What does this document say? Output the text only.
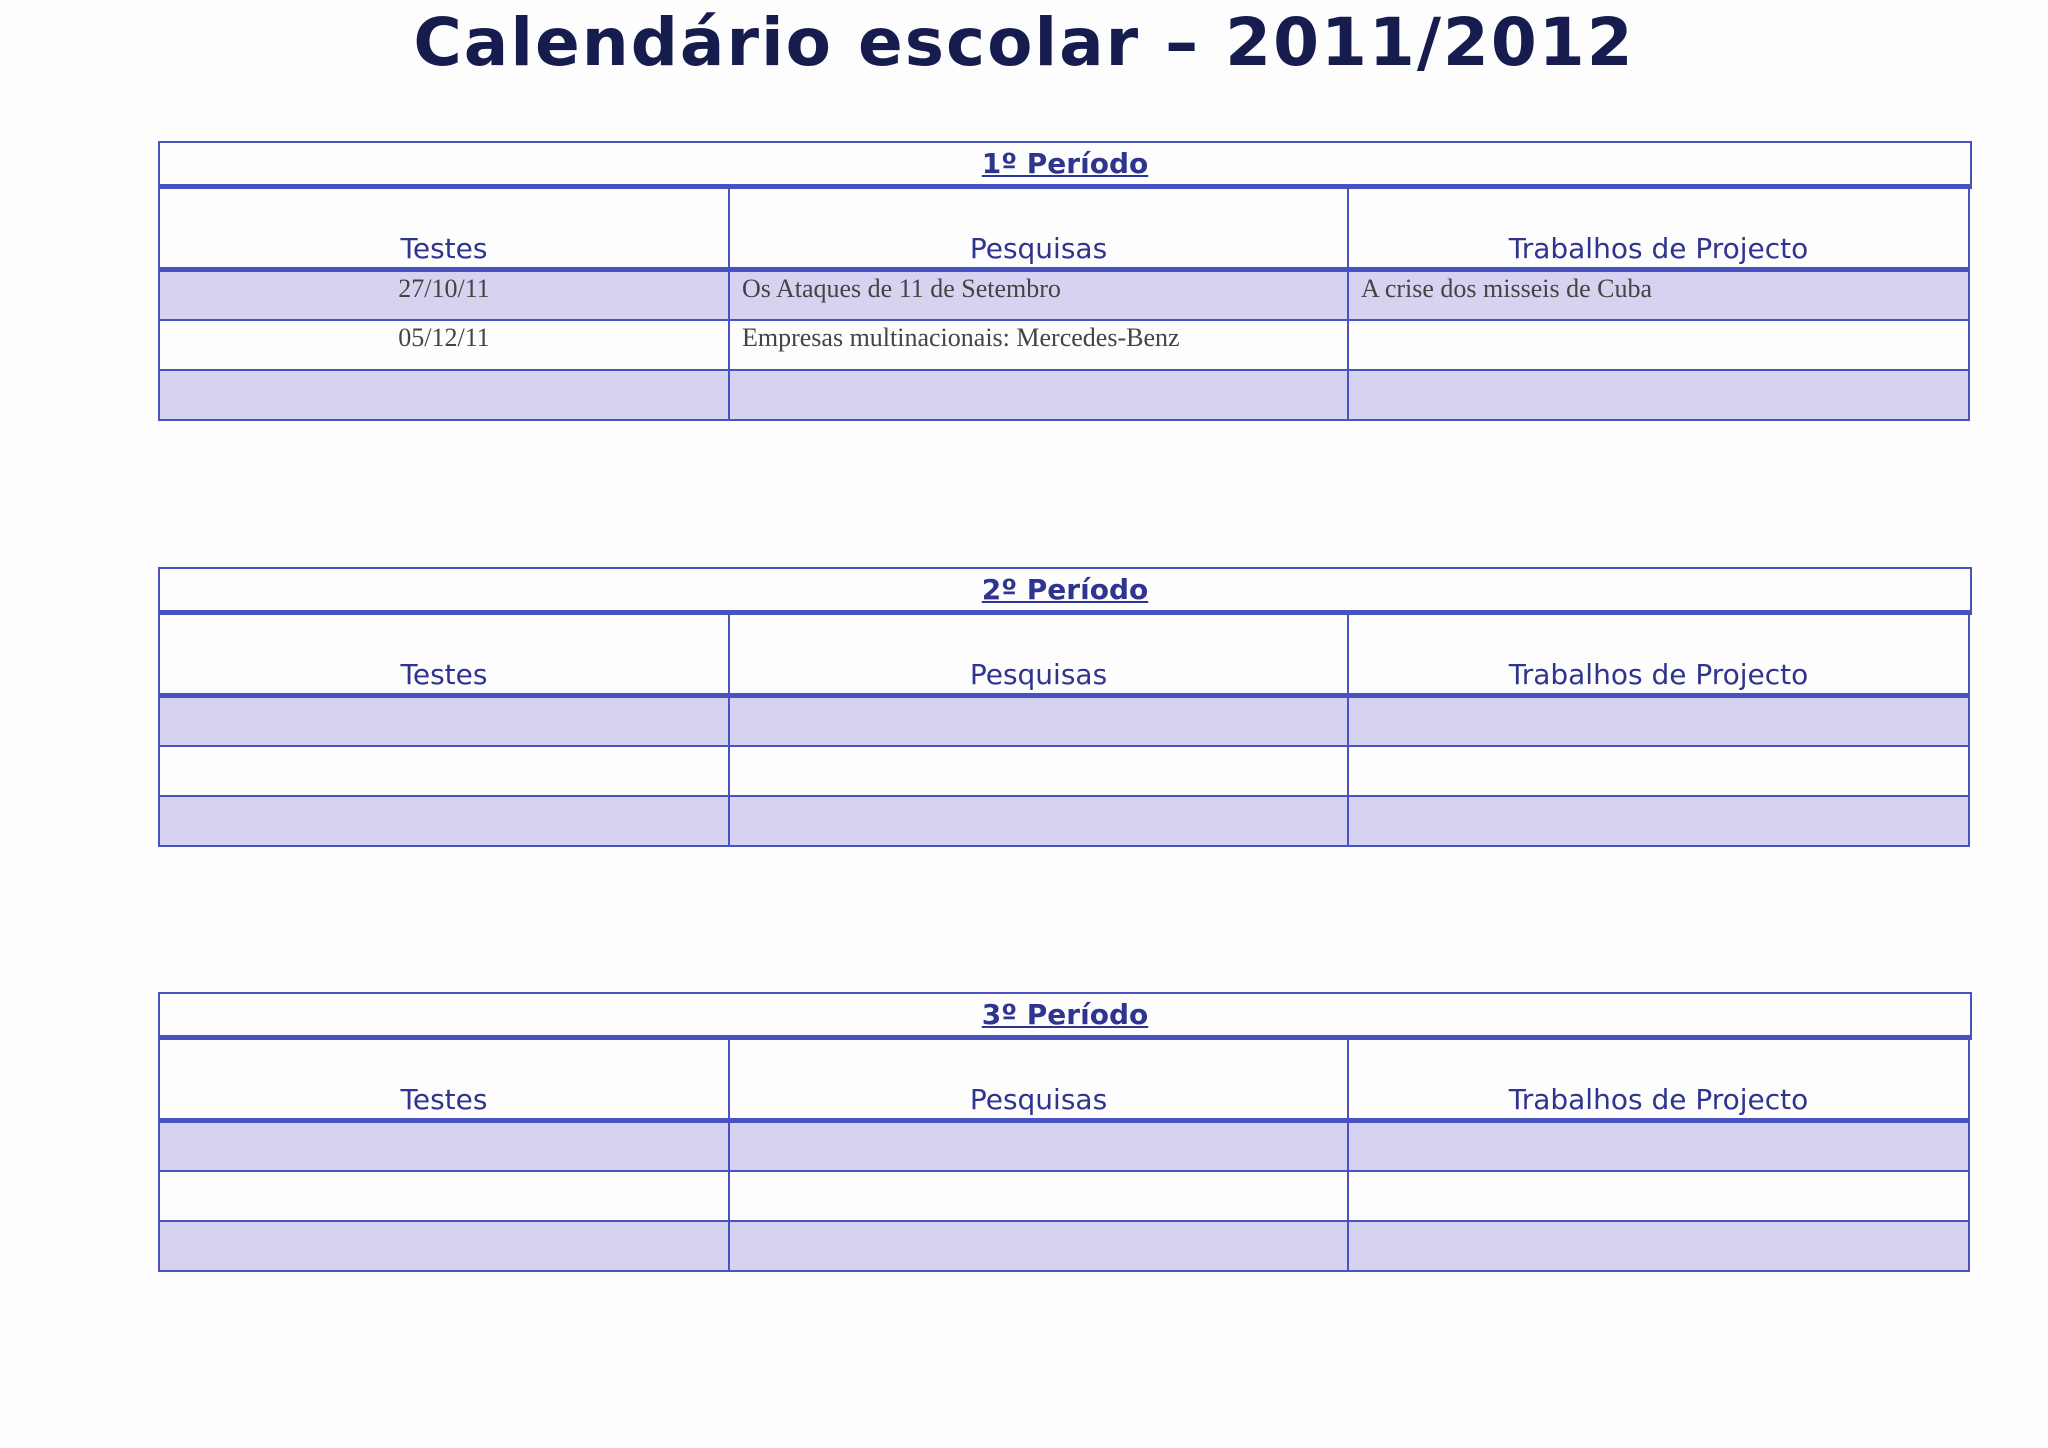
Calendário escolar – 2011/2012
1º Período
Testes	Pesquisas	Trabalhos de Projecto
27/10/11	Os Ataques de 11 de Setembro	A crise dos misseis de Cuba
05/12/11	Empresas multinacionais: Mercedes-Benz	

2º Período
Testes	Pesquisas	Trabalhos de Projecto

3º Período
Testes	Pesquisas	Trabalhos de Projecto
